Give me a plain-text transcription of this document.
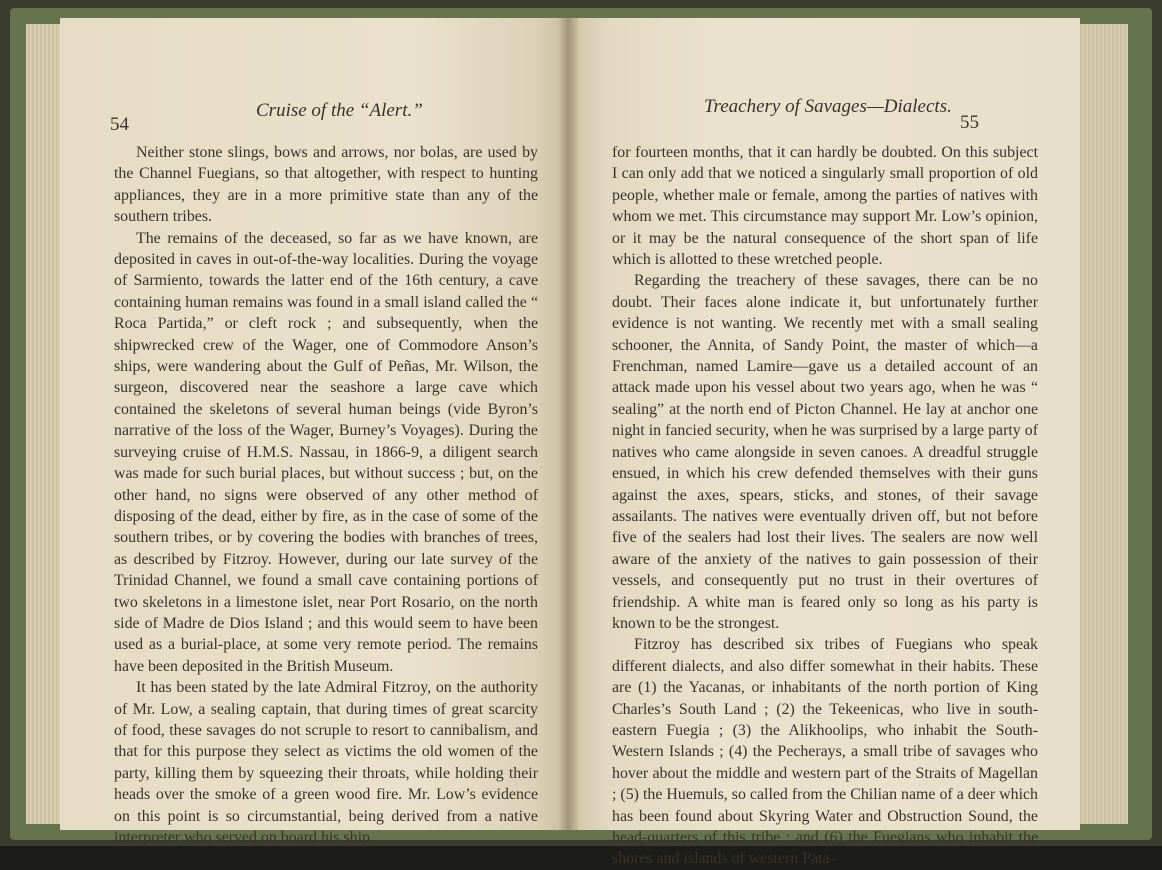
54
Cruise of the “Alert.”

Neither stone slings, bows and arrows, nor bolas, are used by the Channel Fuegians, so that altogether, with respect to hunting appliances, they are in a more primitive state than any of the southern tribes.

The remains of the deceased, so far as we have known, are deposited in caves in out-of-the-way localities. During the voyage of Sarmiento, towards the latter end of the 16th century, a cave containing human remains was found in a small island called the “ Roca Partida,” or cleft rock ; and subsequently, when the shipwrecked crew of the Wager, one of Commodore Anson’s ships, were wandering about the Gulf of Peñas, Mr. Wilson, the surgeon, discovered near the seashore a large cave which contained the skeletons of several human beings (vide Byron’s narrative of the loss of the Wager, Burney’s Voyages). During the surveying cruise of H.M.S. Nassau, in 1866-9, a diligent search was made for such burial places, but without success ; but, on the other hand, no signs were observed of any other method of disposing of the dead, either by fire, as in the case of some of the southern tribes, or by covering the bodies with branches of trees, as described by Fitzroy. However, during our late survey of the Trinidad Channel, we found a small cave containing portions of two skeletons in a limestone islet, near Port Rosario, on the north side of Madre de Dios Island ; and this would seem to have been used as a burial-place, at some very remote period. The remains have been deposited in the British Museum.

It has been stated by the late Admiral Fitzroy, on the authority of Mr. Low, a sealing captain, that during times of great scarcity of food, these savages do not scruple to resort to cannibalism, and that for this purpose they select as victims the old women of the party, killing them by squeezing their throats, while holding their heads over the smoke of a green wood fire. Mr. Low’s evidence on this point is so circumstantial, being derived from a native interpreter who served on board his ship

Treachery of Savages—Dialects.
55

for fourteen months, that it can hardly be doubted. On this subject I can only add that we noticed a singularly small proportion of old people, whether male or female, among the parties of natives with whom we met. This circumstance may support Mr. Low’s opinion, or it may be the natural consequence of the short span of life which is allotted to these wretched people.

Regarding the treachery of these savages, there can be no doubt. Their faces alone indicate it, but unfortunately further evidence is not wanting. We recently met with a small sealing schooner, the Annita, of Sandy Point, the master of which—a Frenchman, named Lamire—gave us a detailed account of an attack made upon his vessel about two years ago, when he was “ sealing” at the north end of Picton Channel. He lay at anchor one night in fancied security, when he was surprised by a large party of natives who came alongside in seven canoes. A dreadful struggle ensued, in which his crew defended themselves with their guns against the axes, spears, sticks, and stones, of their savage assailants. The natives were eventually driven off, but not before five of the sealers had lost their lives. The sealers are now well aware of the anxiety of the natives to gain possession of their vessels, and consequently put no trust in their overtures of friendship. A white man is feared only so long as his party is known to be the strongest.

Fitzroy has described six tribes of Fuegians who speak different dialects, and also differ somewhat in their habits. These are (1) the Yacanas, or inhabitants of the north portion of King Charles’s South Land ; (2) the Tekeenicas, who live in south-eastern Fuegia ; (3) the Alikhoolips, who inhabit the South-Western Islands ; (4) the Pecherays, a small tribe of savages who hover about the middle and western part of the Straits of Magellan ; (5) the Huemuls, so called from the Chilian name of a deer which has been found about Skyring Water and Obstruction Sound, the head-quarters of this tribe ; and (6) the Fuegians who inhabit the shores and islands of western Pata-
